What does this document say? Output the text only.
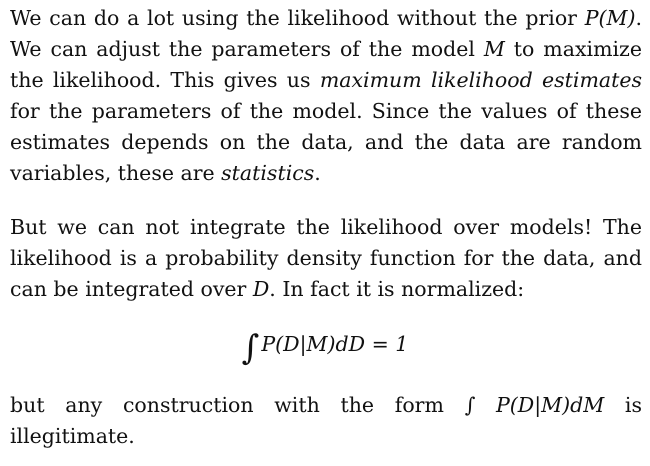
We can do a lot using the likelihood without the prior P(M). We can adjust the parameters of the model M to maximize the likelihood. This gives us maximum likelihood estimates for the parameters of the model. Since the values of these estimates depends on the data, and the data are random variables, these are statistics.

But we can not integrate the likelihood over models! The likelihood is a probability density function for the data, and can be integrated over D. In fact it is normalized:

∫P(D|M)dD = 1

but any construction with the form ∫ P(D|M)dM is illegitimate.
